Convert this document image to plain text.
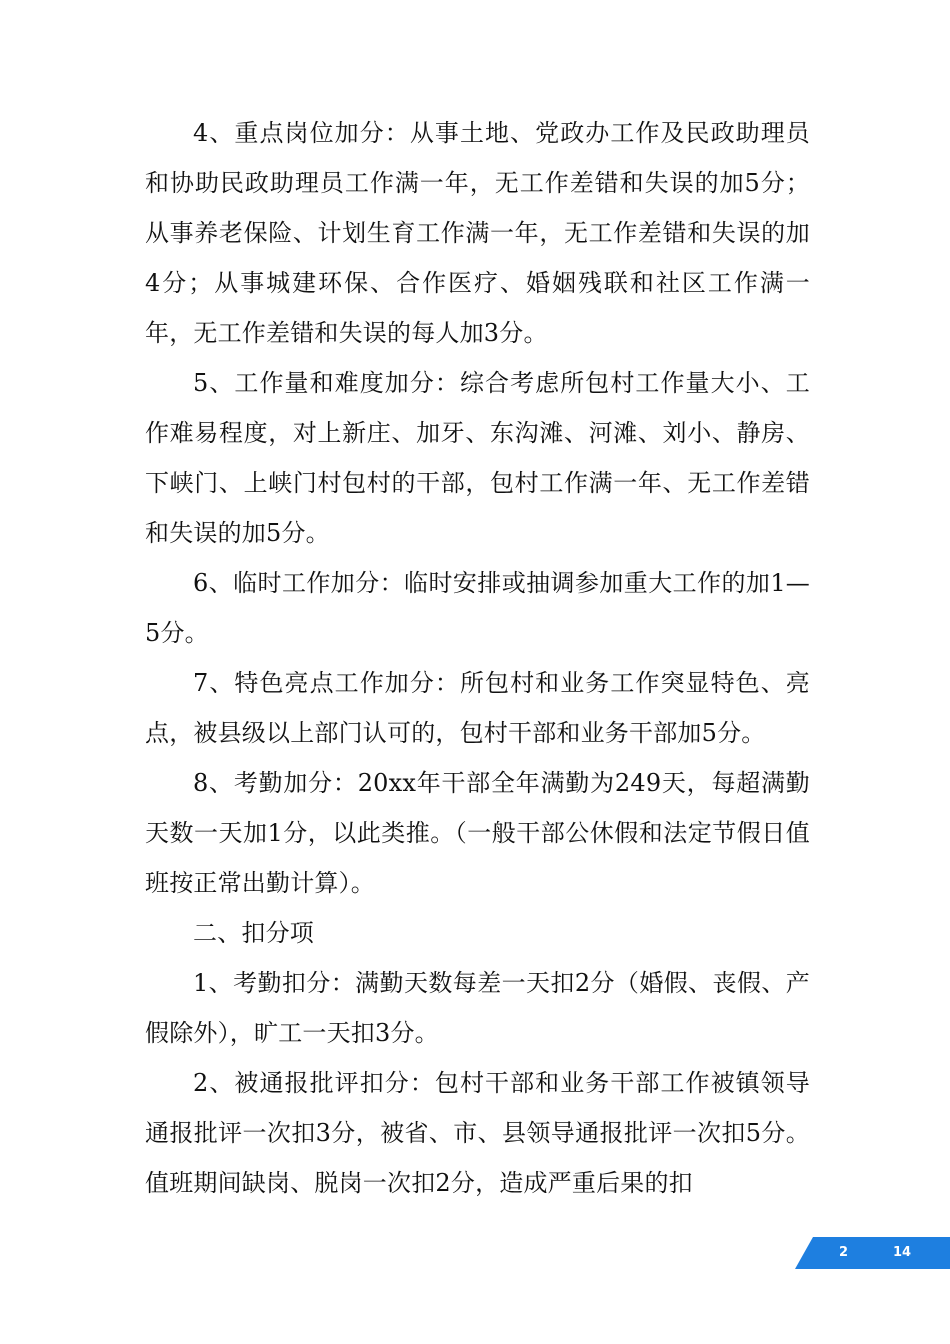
4、重点岗位加分：从事土地、党政办工作及民政助理员和协助民政助理员工作满一年，无工作差错和失误的加5分；从事养老保险、计划生育工作满一年，无工作差错和失误的加4分；从事城建环保、合作医疗、婚姻残联和社区工作满一年，无工作差错和失误的每人加3分。

5、工作量和难度加分：综合考虑所包村工作量大小、工作难易程度，对上新庄、加牙、东沟滩、河滩、刘小、静房、下峡门、上峡门村包村的干部，包村工作满一年、无工作差错和失误的加5分。

6、临时工作加分：临时安排或抽调参加重大工作的加1—5分。

7、特色亮点工作加分：所包村和业务工作突显特色、亮点，被县级以上部门认可的，包村干部和业务干部加5分。

8、考勤加分：20xx年干部全年满勤为249天，每超满勤天数一天加1分，以此类推。（一般干部公休假和法定节假日值班按正常出勤计算）。

二、扣分项

1、考勤扣分：满勤天数每差一天扣2分（婚假、丧假、产假除外），旷工一天扣3分。

2、被通报批评扣分：包村干部和业务干部工作被镇领导通报批评一次扣3分，被省、市、县领导通报批评一次扣5分。值班期间缺岗、脱岗一次扣2分，造成严重后果的扣

2	14
